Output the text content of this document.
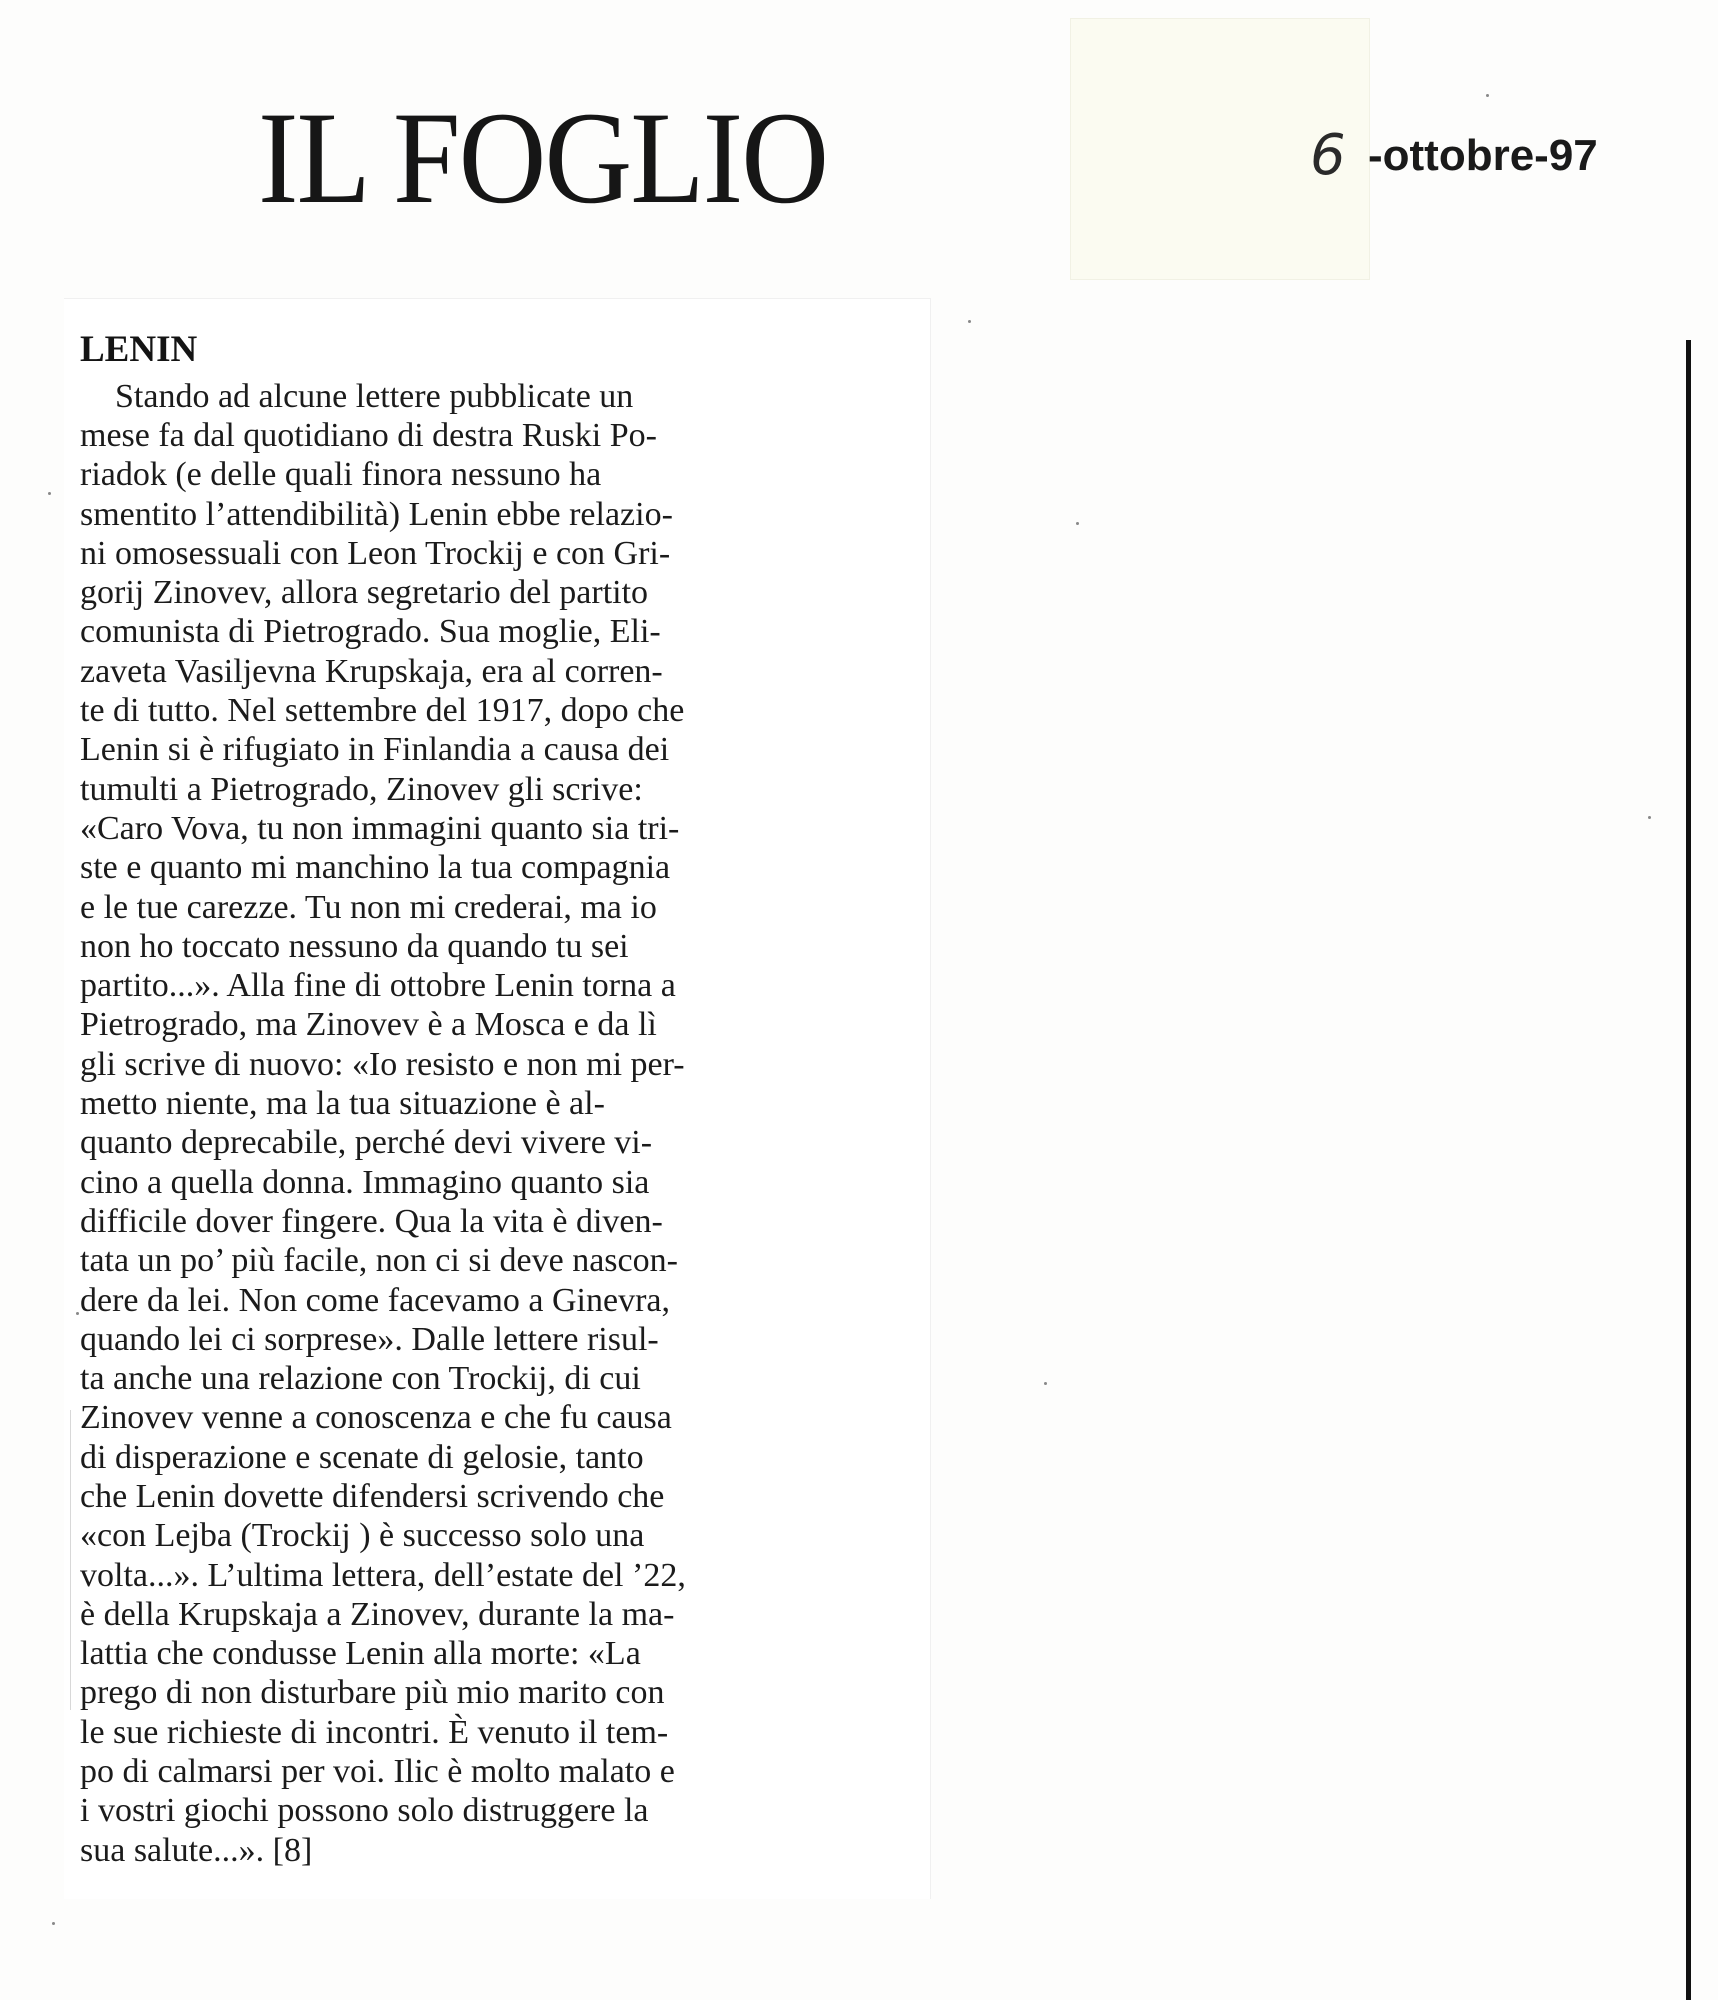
IL FOGLIO	6 -ottobre-97
LENIN
Stando ad alcune lettere pubblicate un
mese fa dal quotidiano di destra Ruski Po-
riadok (e delle quali finora nessuno ha
smentito l’attendibilità) Lenin ebbe relazio-
ni omosessuali con Leon Trockij e con Gri-
gorij Zinovev, allora segretario del partito
comunista di Pietrogrado. Sua moglie, Eli-
zaveta Vasiljevna Krupskaja, era al corren-
te di tutto. Nel settembre del 1917, dopo che
Lenin si è rifugiato in Finlandia a causa dei
tumulti a Pietrogrado, Zinovev gli scrive:
«Caro Vova, tu non immagini quanto sia tri-
ste e quanto mi manchino la tua compagnia
e le tue carezze. Tu non mi crederai, ma io
non ho toccato nessuno da quando tu sei
partito...». Alla fine di ottobre Lenin torna a
Pietrogrado, ma Zinovev è a Mosca e da lì
gli scrive di nuovo: «Io resisto e non mi per-
metto niente, ma la tua situazione è al-
quanto deprecabile, perché devi vivere vi-
cino a quella donna. Immagino quanto sia
difficile dover fingere. Qua la vita è diven-
tata un po’ più facile, non ci si deve nascon-
dere da lei. Non come facevamo a Ginevra,
quando lei ci sorprese». Dalle lettere risul-
ta anche una relazione con Trockij, di cui
Zinovev venne a conoscenza e che fu causa
di disperazione e scenate di gelosie, tanto
che Lenin dovette difendersi scrivendo che
«con Lejba (Trockij ) è successo solo una
volta...». L’ultima lettera, dell’estate del ’22,
è della Krupskaja a Zinovev, durante la ma-
lattia che condusse Lenin alla morte: «La
prego di non disturbare più mio marito con
le sue richieste di incontri. È venuto il tem-
po di calmarsi per voi. Ilic è molto malato e
i vostri giochi possono solo distruggere la
sua salute...». [8]
